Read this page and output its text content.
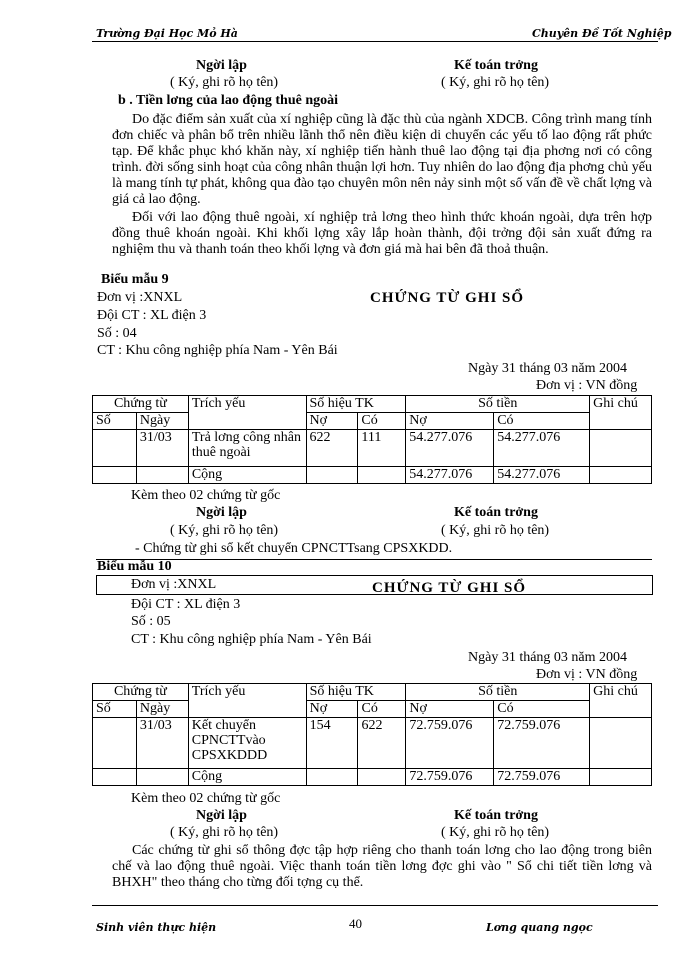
Trường Đại Học Mỏ Hà	Chuyên Đề Tốt Nghiệp
Ngời lập	Kế toán trởng
( Ký, ghi rõ họ tên)	( Ký, ghi rõ họ tên)
b . Tiền lơng của lao động thuê ngoài
Do đặc điểm sản xuất của xí nghiệp cũng là đặc thù của ngành XDCB. Công trình mang tính đơn chiếc và phân bổ trên nhiều lãnh thổ nên điều kiện di chuyển các yếu tố lao động rất phức tạp. Để khắc phục khó khăn này, xí nghiệp tiến hành thuê lao động tại địa phơng nơi có công trình. đời sống sinh hoạt của công nhân thuận lợi hơn. Tuy nhiên do lao động địa phơng chủ yếu là mang tính tự phát, không qua đào tạo chuyên môn nên nảy sinh một số vấn đề về chất lợng và giá cả lao động.
Đối với lao động thuê ngoài, xí nghiệp trả lơng theo hình thức khoán ngoài, dựa trên hợp đồng thuê khoán ngoài. Khi khối lợng xây lắp hoàn thành, đội trởng đội sản xuất đứng ra nghiệm thu và thanh toán theo khối lợng và đơn giá mà hai bên đã thoả thuận.
Biểu mẫu 9
Đơn vị :XNXL	CHỨNG TỪ GHI SỔ
Đội CT : XL điện 3
Số : 04
CT : Khu công nghiệp phía Nam - Yên Bái
Ngày 31 tháng 03 năm 2004
Đơn vị : VN đồng
Chứng từ		Trích yếu	Số hiệu TK		Số tiền		Ghi chú
Số	Ngày		Nợ	Có	Nợ	Có	
	31/03	Trả lơng công nhân thuê ngoài	622	111	54.277.076	54.277.076	
		Cộng			54.277.076	54.277.076	
Kèm theo 02 chứng từ gốc
Ngời lập	Kế toán trởng
( Ký, ghi rõ họ tên)	( Ký, ghi rõ họ tên)
- Chứng từ ghi sổ kết chuyển CPNCTTsang CPSXKDD.
Biểu mẫu 10
Đơn vị :XNXL	CHỨNG TỪ GHI SỔ
Đội CT : XL điện 3
Số : 05
CT : Khu công nghiệp phía Nam - Yên Bái
Ngày 31 tháng 03 năm 2004
Đơn vị : VN đồng
Chứng từ		Trích yếu	Số hiệu TK		Số tiền		Ghi chú
Số	Ngày		Nợ	Có	Nợ	Có	
	31/03	Kết chuyển CPNCTTvào CPSXKDDD	154	622	72.759.076	72.759.076	
		Cộng			72.759.076	72.759.076	
Kèm theo 02 chứng từ gốc
Ngời lập	Kế toán trởng
( Ký, ghi rõ họ tên)	( Ký, ghi rõ họ tên)
Các chứng từ ghi sổ thông đợc tập hợp riêng cho thanh toán lơng cho lao động trong biên chế và lao động thuê ngoài. Việc thanh toán tiền lơng đợc ghi vào " Sổ chi tiết tiền lơng và BHXH" theo tháng cho từng đối tợng cụ thể.
Sinh viên thực hiện	40	Lơng quang ngọc
